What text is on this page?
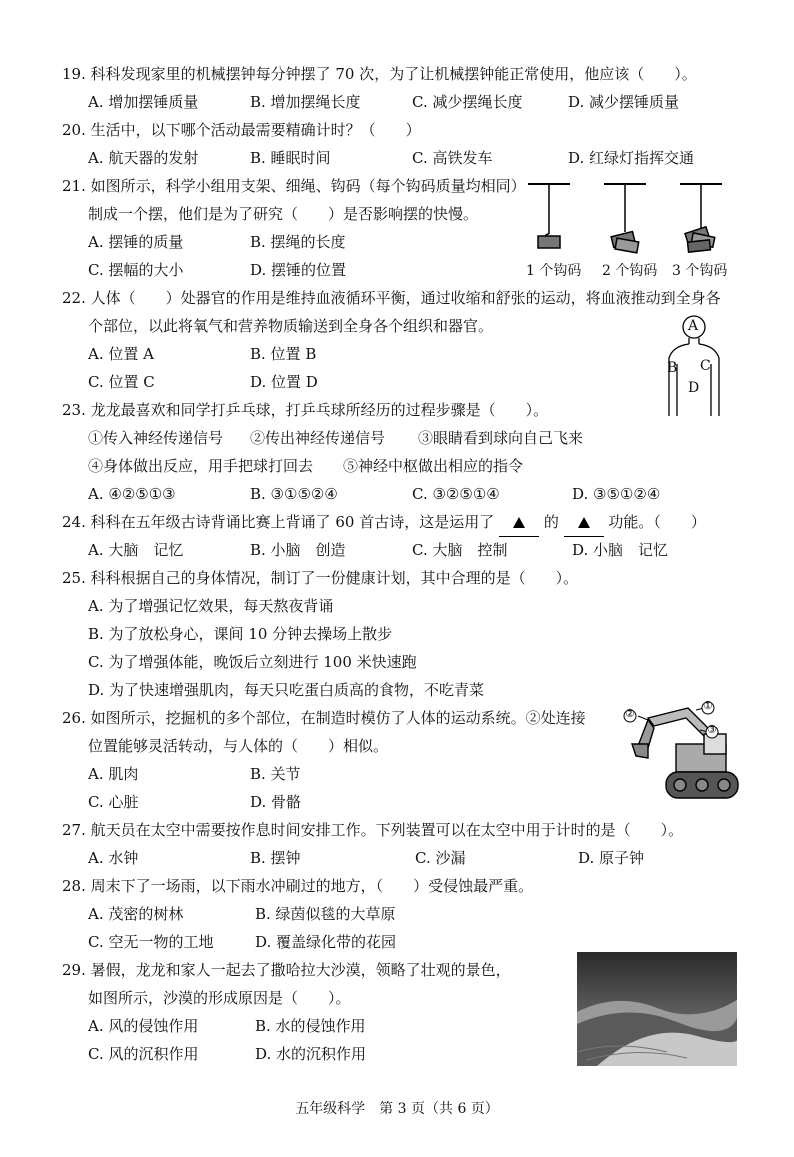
19. 科科发现家里的机械摆钟每分钟摆了 70 次，为了让机械摆钟能正常使用，他应该（　　）。
A. 增加摆锤质量	B. 增加摆绳长度	C. 减少摆绳长度	D. 减少摆锤质量
20. 生活中，以下哪个活动最需要精确计时？（　　）
A. 航天器的发射	B. 睡眠时间	C. 高铁发车	D. 红绿灯指挥交通
21. 如图所示，科学小组用支架、细绳、钩码（每个钩码质量均相同）
制成一个摆，他们是为了研究（　　）是否影响摆的快慢。
A. 摆锤的质量	B. 摆绳的长度
C. 摆幅的大小	D. 摆锤的位置	1 个钩码 2 个钩码 3 个钩码
22. 人体（　　）处器官的作用是维持血液循环平衡，通过收缩和舒张的运动，将血液推动到全身各
个部位，以此将氧气和营养物质输送到全身各个组织和器官。
A. 位置 A	B. 位置 B
C. 位置 C	D. 位置 D
A
B C
D
23. 龙龙最喜欢和同学打乒乓球，打乒乓球所经历的过程步骤是（　　）。
①传入神经传递信号 ②传出神经传递信号 ③眼睛看到球向自己飞来
④身体做出反应，用手把球打回去 ⑤神经中枢做出相应的指令
A. ④②⑤①③	B. ③①⑤②④	C. ③②⑤①④	D. ③⑤①②④
24. 科科在五年级古诗背诵比赛上背诵了 60 首古诗，这是运用了	的	功能。（　　）
A. 大脑　记忆	B. 小脑　创造	C. 大脑　控制	D. 小脑　记忆
25. 科科根据自己的身体情况，制订了一份健康计划，其中合理的是（　　）。
A. 为了增强记忆效果，每天熬夜背诵
B. 为了放松身心，课间 10 分钟去操场上散步
C. 为了增强体能，晚饭后立刻进行 100 米快速跑
D. 为了快速增强肌肉，每天只吃蛋白质高的食物，不吃青菜
26. 如图所示，挖掘机的多个部位，在制造时模仿了人体的运动系统。②处连接
位置能够灵活转动，与人体的（　　）相似。
A. 肌肉	B. 关节
C. 心脏	D. 骨骼
①
②
③
27. 航天员在太空中需要按作息时间安排工作。下列装置可以在太空中用于计时的是（　　）。
A. 水钟	B. 摆钟	C. 沙漏	D. 原子钟
28. 周末下了一场雨，以下雨水冲刷过的地方，（　　）受侵蚀最严重。
A. 茂密的树林	B. 绿茵似毯的大草原
C. 空无一物的工地	D. 覆盖绿化带的花园
29. 暑假，龙龙和家人一起去了撒哈拉大沙漠，领略了壮观的景色，
如图所示，沙漠的形成原因是（　　）。
A. 风的侵蚀作用	B. 水的侵蚀作用
C. 风的沉积作用	D. 水的沉积作用
五年级科学　第 3 页（共 6 页）
